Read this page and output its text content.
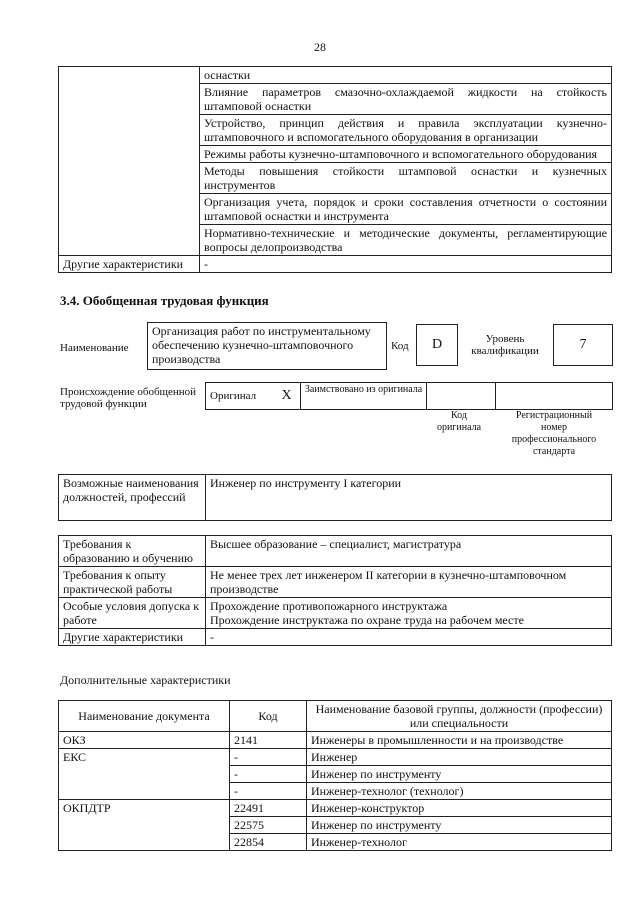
28
	оснастки
	Влияние параметров смазочно-охлаждаемой жидкости на стойкость штамповой оснастки
	Устройство, принцип действия и правила эксплуатации кузнечно-штамповочного и вспомогательного оборудования в организации
	Режимы работы кузнечно-штамповочного и вспомогательного оборудования
	Методы повышения стойкости штамповой оснастки и кузнечных инструментов
	Организация учета, порядок и сроки составления отчетности о состоянии штамповой оснастки и инструмента
	Нормативно-технические и методические документы, регламентирующие вопросы делопроизводства
Другие характеристики	-
3.4. Обобщенная трудовая функция
Наименование
Организация работ по инструментальному обеспечению кузнечно-штамповочного производства
Код	D	Уровень квалификации	7
Происхождение обобщенной трудовой функции
Оригинал	X	Заимствовано из оригинала		
Код оригинала
Регистрационный номер профессионального стандарта
Возможные наименования должностей, профессий	Инженер по инструменту I категории
Требования к образованию и обучению	Высшее образование – специалист, магистратура

Требования к опыту практической работы	Не менее трех лет инженером II категории в кузнечно-штамповочном производстве

Особые условия допуска к работе	Прохождение противопожарного инструктажа
Прохождение инструктажа по охране труда на рабочем месте

Другие характеристики	-
Дополнительные характеристики
Наименование документа	Код	Наименование базовой группы, должности (профессии) или специальности
ОКЗ	2141	Инженеры в промышленности и на производстве
ЕКС	-	Инженер
	-	Инженер по инструменту
	-	Инженер-технолог (технолог)
ОКПДТР	22491	Инженер-конструктор
	22575	Инженер по инструменту
	22854	Инженер-технолог
